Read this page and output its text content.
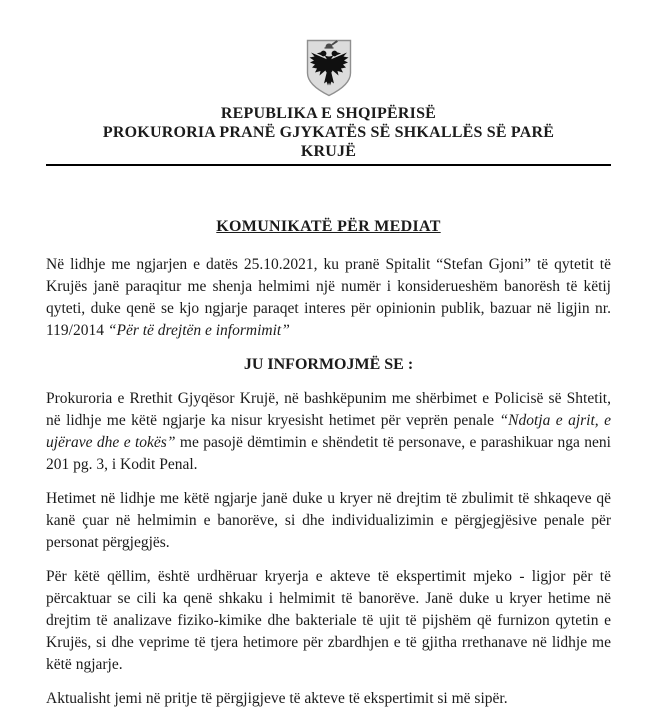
REPUBLIKA E SHQIPËRISË
PROKURORIA PRANË GJYKATËS SË SHKALLËS SË PARË
KRUJË
KOMUNIKATË PËR MEDIAT

Në lidhje me ngjarjen e datës 25.10.2021, ku pranë Spitalit “Stefan Gjoni” të qytetit të Krujës janë paraqitur me shenja helmimi një numër i konsiderueshëm banorësh të këtij qyteti, duke qenë se kjo ngjarje paraqet interes për opinionin publik, bazuar në ligjin nr. 119/2014 “Për të drejtën e informimit”

JU INFORMOJMË SE :

Prokuroria e Rrethit Gjyqësor Krujë, në bashkëpunim me shërbimet e Policisë së Shtetit, në lidhje me këtë ngjarje ka nisur kryesisht hetimet për veprën penale “Ndotja e ajrit, e ujërave dhe e tokës” me pasojë dëmtimin e shëndetit të personave, e parashikuar nga neni 201 pg. 3, i Kodit Penal.

Hetimet në lidhje me këtë ngjarje janë duke u kryer në drejtim të zbulimit të shkaqeve që kanë çuar në helmimin e banorëve, si dhe individualizimin e përgjegjësive penale për personat përgjegjës.

Për këtë qëllim, është urdhëruar kryerja e akteve të ekspertimit mjeko - ligjor për të përcaktuar se cili ka qenë shkaku i helmimit të banorëve. Janë duke u kryer hetime në drejtim të analizave fiziko-kimike dhe bakteriale të ujit të pijshëm që furnizon qytetin e Krujës, si dhe veprime të tjera hetimore për zbardhjen e të gjitha rrethanave në lidhje me këtë ngjarje.

Aktualisht jemi në pritje të përgjigjeve të akteve të ekspertimit si më sipër.
